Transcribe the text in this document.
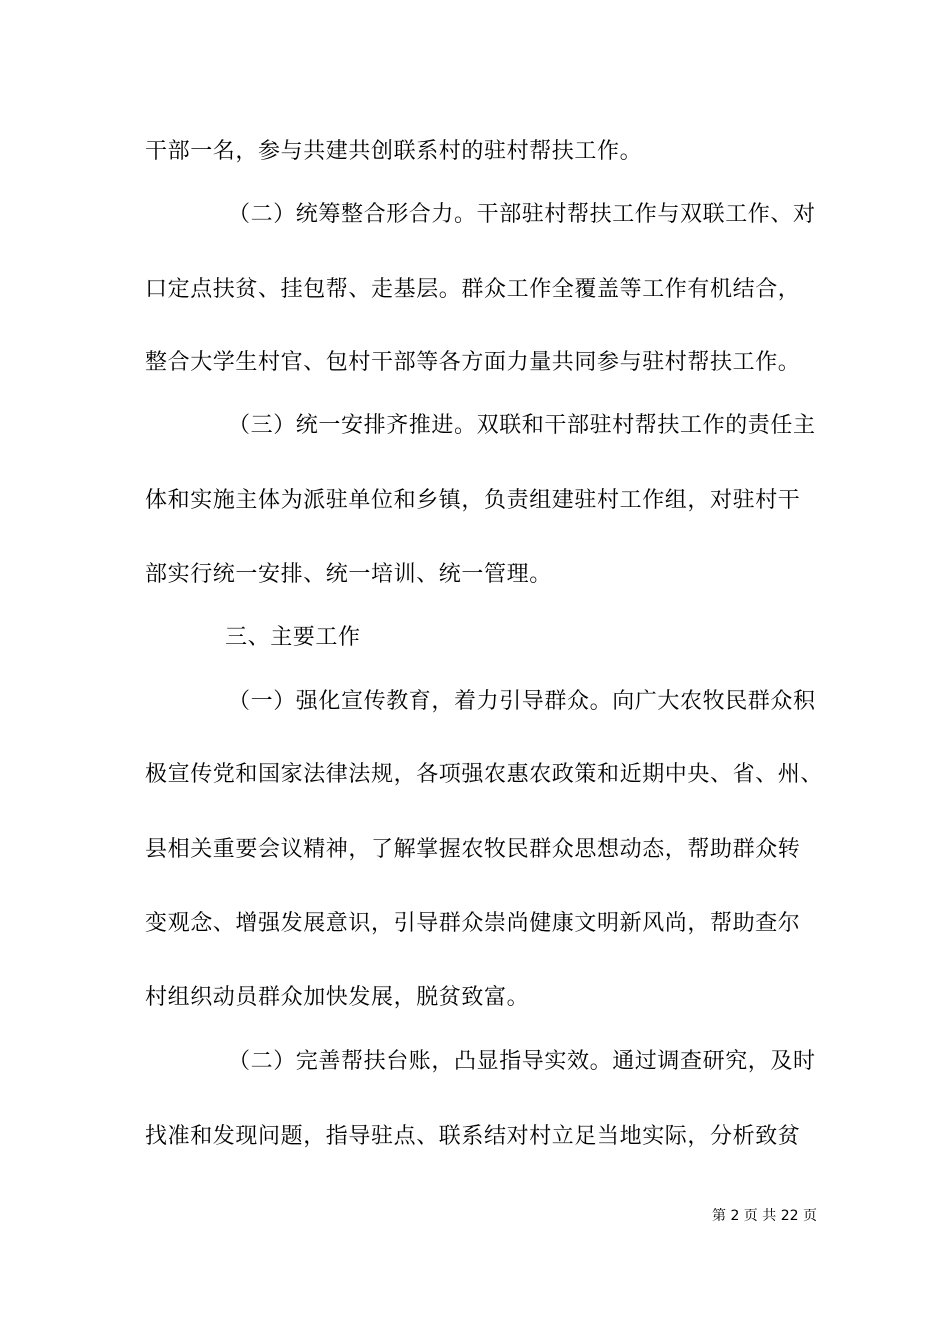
干部一名，参与共建共创联系村的驻村帮扶工作。
（二）统筹整合形合力。干部驻村帮扶工作与双联工作、对
口定点扶贫、挂包帮、走基层。群众工作全覆盖等工作有机结合，
整合大学生村官、包村干部等各方面力量共同参与驻村帮扶工作。
（三）统一安排齐推进。双联和干部驻村帮扶工作的责任主
体和实施主体为派驻单位和乡镇，负责组建驻村工作组，对驻村干
部实行统一安排、统一培训、统一管理。
三、主要工作
（一）强化宣传教育，着力引导群众。向广大农牧民群众积
极宣传党和国家法律法规，各项强农惠农政策和近期中央、省、州、
县相关重要会议精神，了解掌握农牧民群众思想动态，帮助群众转
变观念、增强发展意识，引导群众崇尚健康文明新风尚，帮助查尔
村组织动员群众加快发展，脱贫致富。
（二）完善帮扶台账，凸显指导实效。通过调查研究，及时
找准和发现问题，指导驻点、联系结对村立足当地实际，分析致贫
第 2 页 共 22 页
